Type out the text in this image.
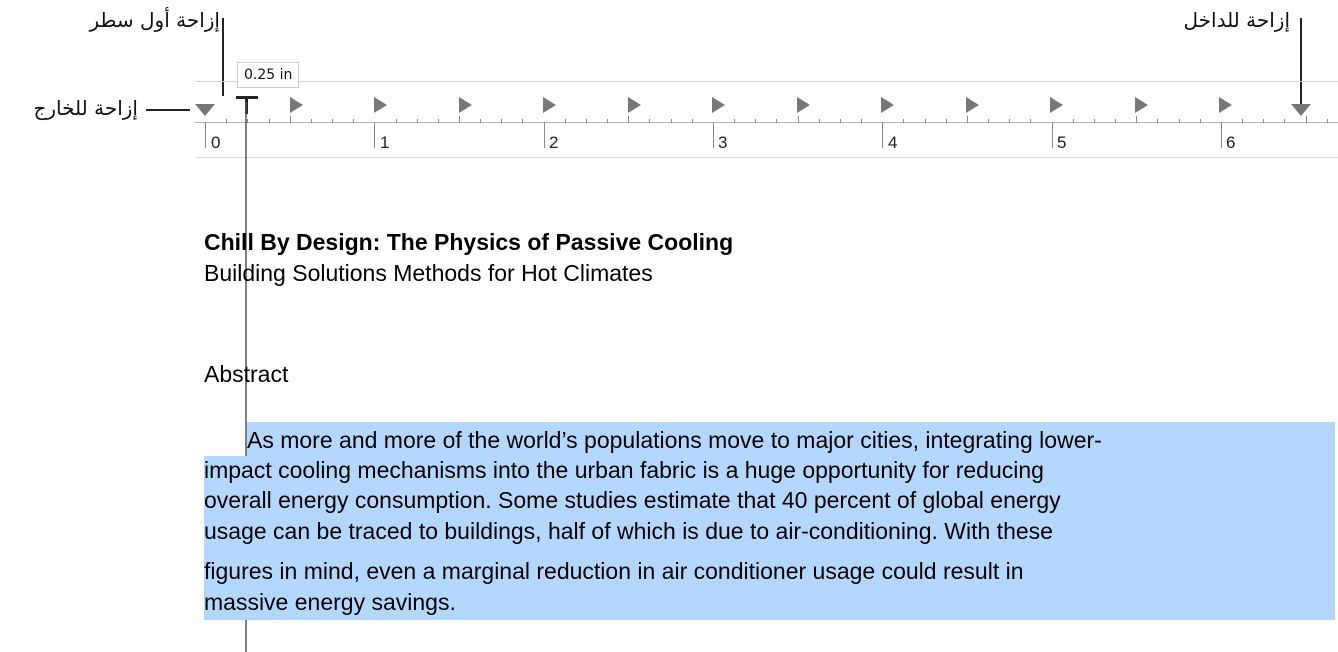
إزاحة أول سطر
إزاحة للخارج
إزاحة للداخل
0.25 in
0	1	2	3	4	5	6
Chill By Design: The Physics of Passive Cooling
Building Solutions Methods for Hot Climates
Abstract
As more and more of the world’s populations move to major cities, integrating lower-
impact cooling mechanisms into the urban fabric is a huge opportunity for reducing
overall energy consumption. Some studies estimate that 40 percent of global energy
usage can be traced to buildings, half of which is due to air-conditioning. With these
figures in mind, even a marginal reduction in air conditioner usage could result in
massive energy savings.
